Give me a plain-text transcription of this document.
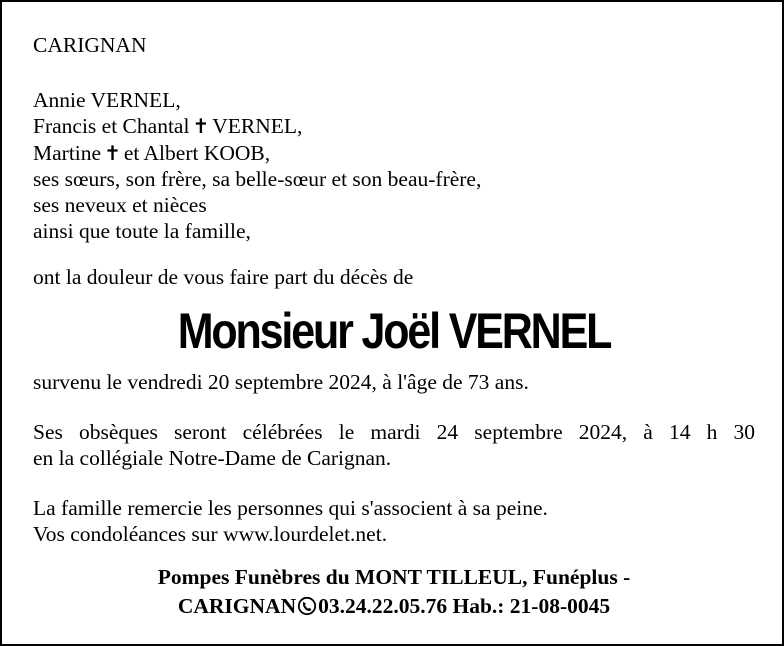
CARIGNAN
Annie VERNEL,
Francis et Chantal ✝ VERNEL,
Martine ✝ et Albert KOOB,
ses sœurs, son frère, sa belle-sœur et son beau-frère,
ses neveux et nièces
ainsi que toute la famille,
ont la douleur de vous faire part du décès de
Monsieur Joël VERNEL
survenu le vendredi 20 septembre 2024, à l'âge de 73 ans.
Ses obsèques seront célébrées le mardi 24 septembre 2024, à 14 h 30
en la collégiale Notre-Dame de Carignan.
La famille remercie les personnes qui s'associent à sa peine.
Vos condoléances sur www.lourdelet.net.
Pompes Funèbres du MONT TILLEUL, Funéplus -
CARIGNAN 03.24.22.05.76 Hab.: 21-08-0045
